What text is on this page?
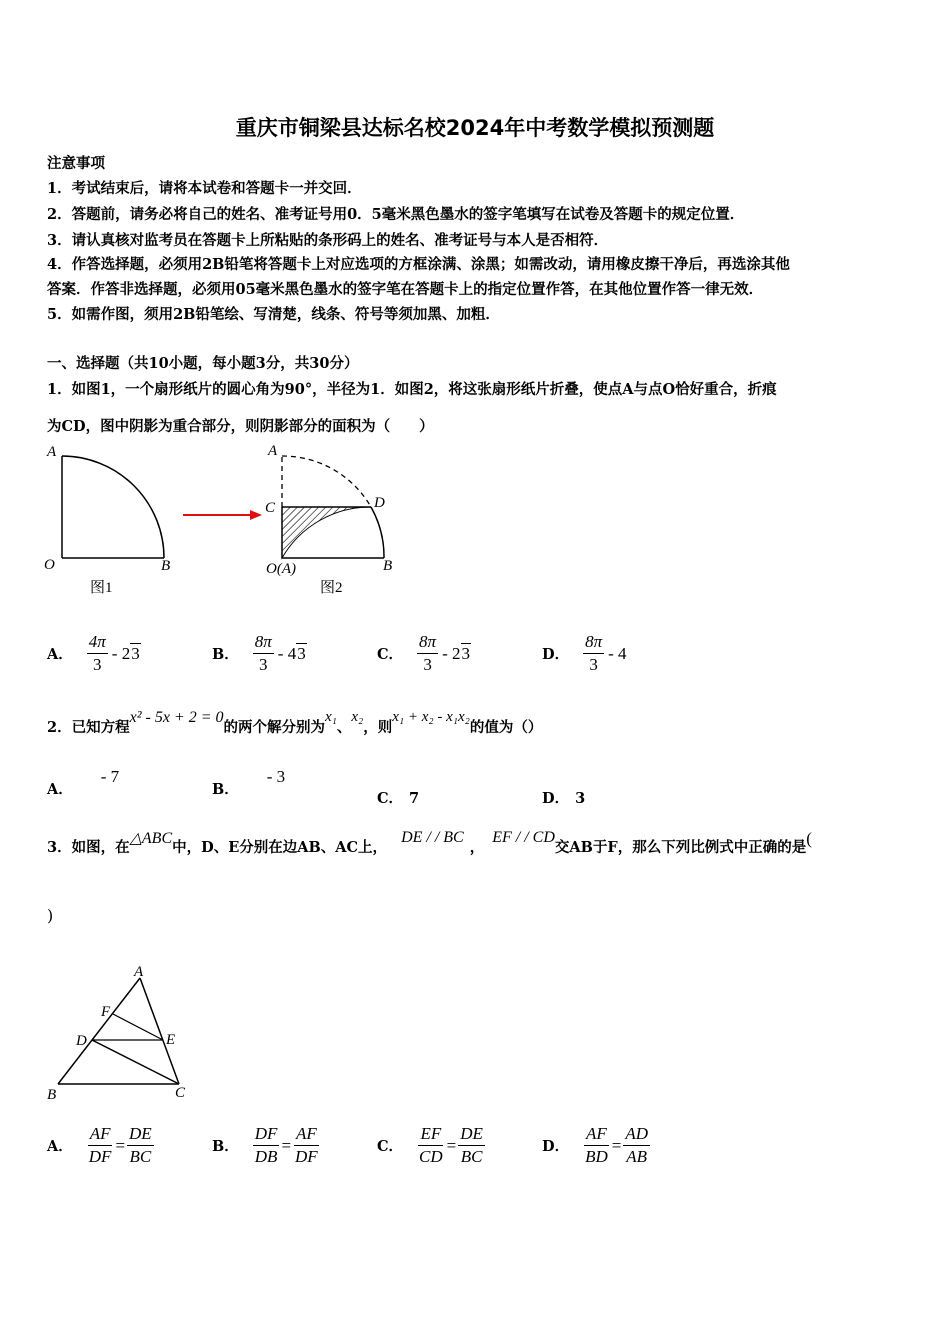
重庆市铜梁县达标名校2024年中考数学模拟预测题
注意事项
1．考试结束后，请将本试卷和答题卡一并交回．
2．答题前，请务必将自己的姓名、准考证号用0．5毫米黑色墨水的签字笔填写在试卷及答题卡的规定位置．
3．请认真核对监考员在答题卡上所粘贴的条形码上的姓名、准考证号与本人是否相符．
4．作答选择题，必须用2B铅笔将答题卡上对应选项的方框涂满、涂黑；如需改动，请用橡皮擦干净后，再选涂其他
答案．作答非选择题，必须用05毫米黑色墨水的签字笔在答题卡上的指定位置作答，在其他位置作答一律无效．
5．如需作图，须用2B铅笔绘、写清楚，线条、符号等须加黑、加粗．
一、选择题（共10小题，每小题3分，共30分）
1．如图1，一个扇形纸片的圆心角为90°，半径为1．如图2，将这张扇形纸片折叠，使点A与点O恰好重合，折痕
为CD，图中阴影为重合部分，则阴影部分的面积为（　　）
A
O	B
图1
A
C	D
O(A)	B
图2
A． $\frac{4\pi}{3} - 2$ 3	B． $\frac{8\pi}{3} - 4$ 3	C． $\frac{8\pi}{3} - 2$ 3	D． $\frac{8\pi}{3} - 4$
2．已知方程
x² - 5x + 2 = 0
的两个解分别为
x₁
、
x₂
，则
x₁ + x₂ - x₁x₂
的值为（）
A．
- 7
B．
- 3
C． 7	D． 3
3．如图，在
△ABC
中，D、E分别在边AB、AC上，
DE / / BC
，
EF / / CD
交AB于F，那么下列比例式中正确的是 (
)
A
F
D	E
B	C
A． $\frac{AF}{DF} = \frac{DE}{BC}$	B． $\frac{DF}{DB} = \frac{AF}{DF}$	C． $\frac{EF}{CD} = \frac{DE}{BC}$	D． $\frac{AF}{BD} = \frac{AD}{AB}$
